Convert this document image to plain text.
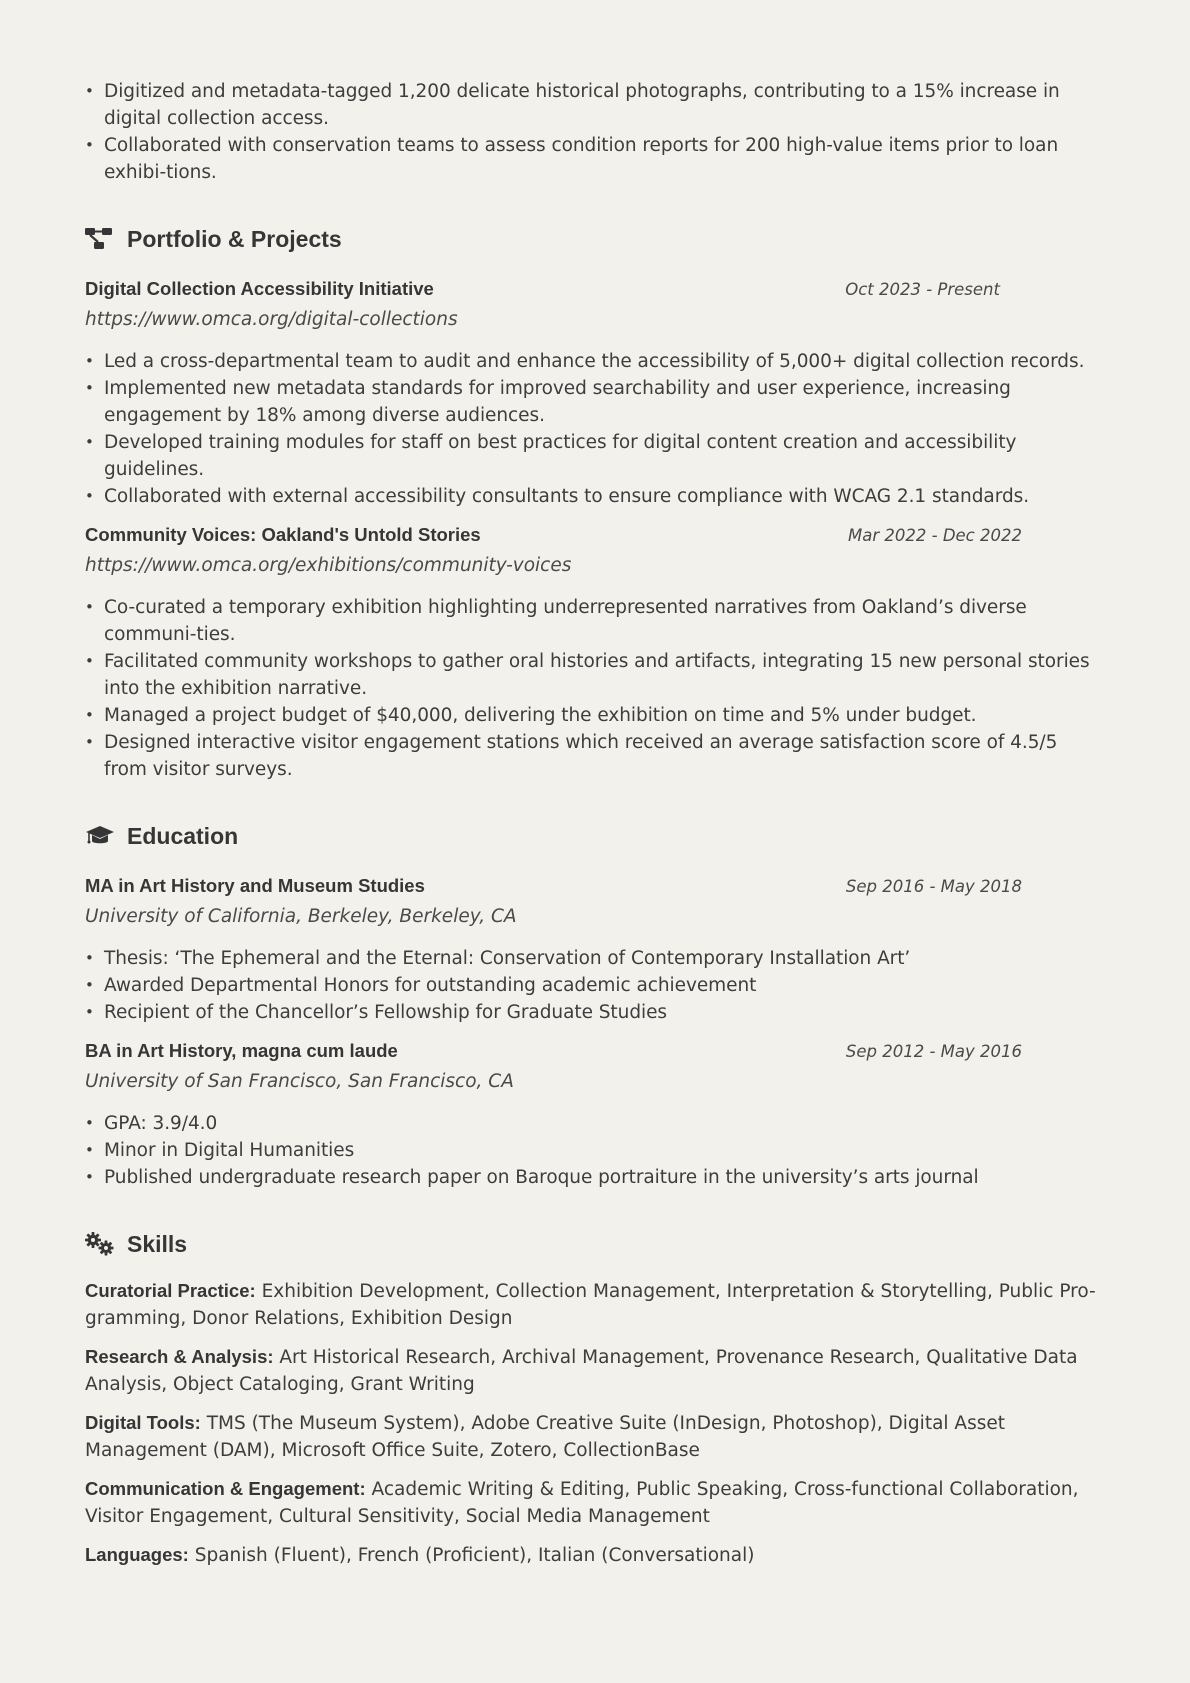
• Digitized and metadata-tagged 1,200 delicate historical photographs, contributing to a 15% increase in digital collection access.
• Collaborated with conservation teams to assess condition reports for 200 high-value items prior to loan exhibi-tions.
Portfolio & Projects
Digital Collection Accessibility Initiative	Oct 2023 - Present
https://www.omca.org/digital-collections
• Led a cross-departmental team to audit and enhance the accessibility of 5,000+ digital collection records.
• Implemented new metadata standards for improved searchability and user experience, increasing engagement by 18% among diverse audiences.
• Developed training modules for staff on best practices for digital content creation and accessibility guidelines.
• Collaborated with external accessibility consultants to ensure compliance with WCAG 2.1 standards.
Community Voices: Oakland's Untold Stories	Mar 2022 - Dec 2022
https://www.omca.org/exhibitions/community-voices
• Co-curated a temporary exhibition highlighting underrepresented narratives from Oakland’s diverse communi-ties.
• Facilitated community workshops to gather oral histories and artifacts, integrating 15 new personal stories into the exhibition narrative.
• Managed a project budget of $40,000, delivering the exhibition on time and 5% under budget.
• Designed interactive visitor engagement stations which received an average satisfaction score of 4.5/5 from visitor surveys.
Education
MA in Art History and Museum Studies	Sep 2016 - May 2018
University of California, Berkeley, Berkeley, CA
• Thesis: ‘The Ephemeral and the Eternal: Conservation of Contemporary Installation Art’
• Awarded Departmental Honors for outstanding academic achievement
• Recipient of the Chancellor’s Fellowship for Graduate Studies
BA in Art History, magna cum laude	Sep 2012 - May 2016
University of San Francisco, San Francisco, CA
• GPA: 3.9/4.0
• Minor in Digital Humanities
• Published undergraduate research paper on Baroque portraiture in the university’s arts journal
Skills
Curatorial Practice: Exhibition Development, Collection Management, Interpretation & Storytelling, Public Pro-gramming, Donor Relations, Exhibition Design
Research & Analysis: Art Historical Research, Archival Management, Provenance Research, Qualitative Data Analysis, Object Cataloging, Grant Writing
Digital Tools: TMS (The Museum System), Adobe Creative Suite (InDesign, Photoshop), Digital Asset Management (DAM), Microsoft Office Suite, Zotero, CollectionBase
Communication & Engagement: Academic Writing & Editing, Public Speaking, Cross-functional Collaboration, Visitor Engagement, Cultural Sensitivity, Social Media Management
Languages: Spanish (Fluent), French (Proficient), Italian (Conversational)
